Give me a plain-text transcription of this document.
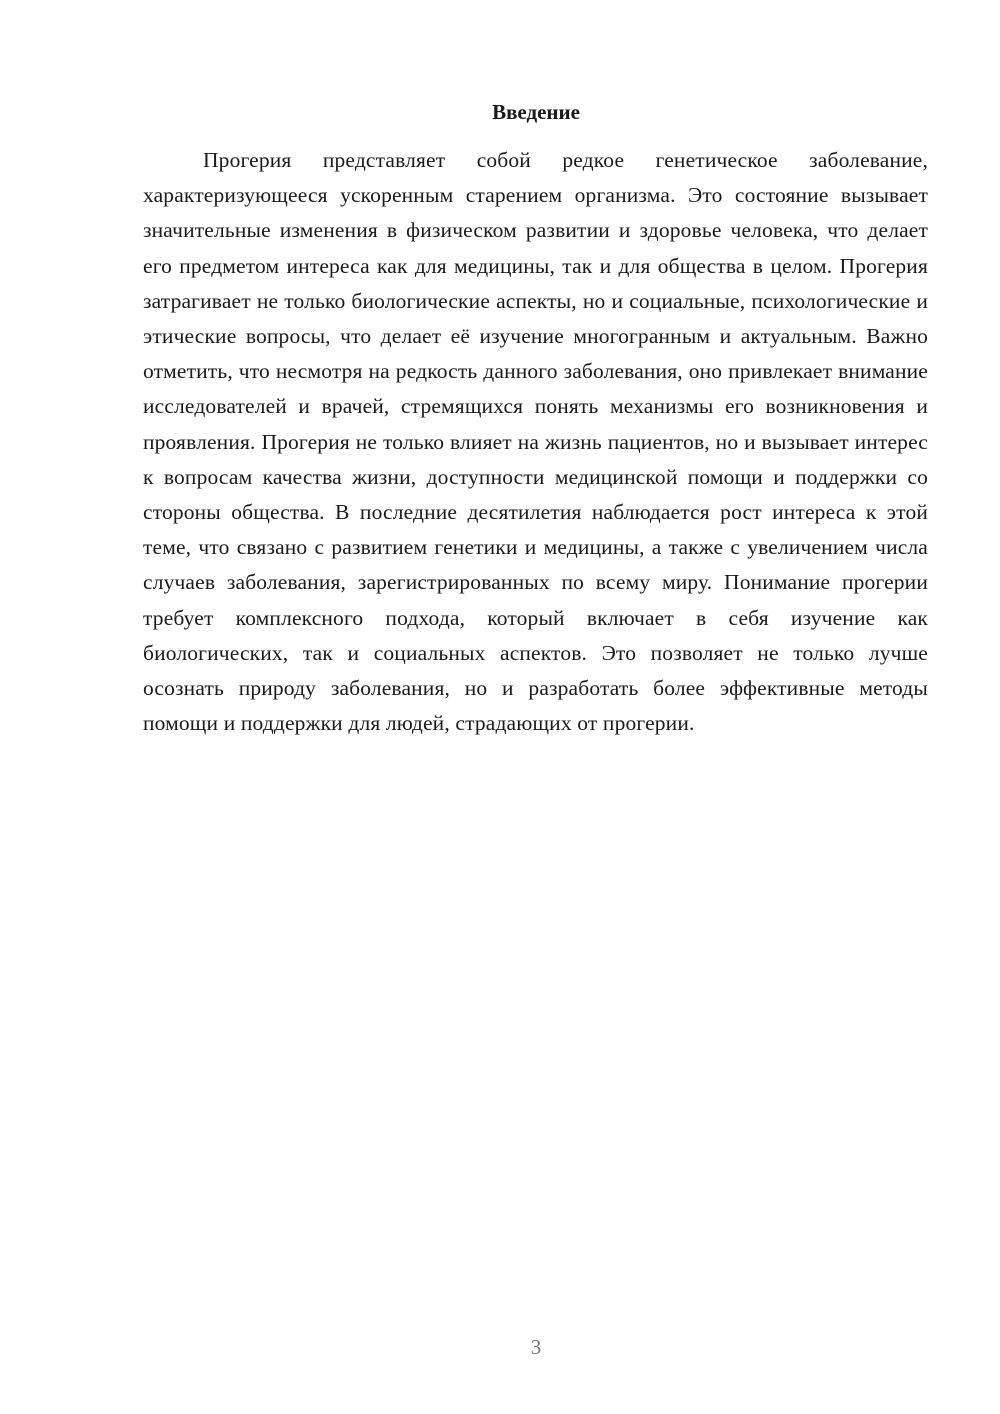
Введение

Прогерия представляет собой редкое генетическое заболевание, характеризующееся ускоренным старением организма. Это состояние вызывает значительные изменения в физическом развитии и здоровье человека, что делает его предметом интереса как для медицины, так и для общества в целом. Прогерия затрагивает не только биологические аспекты, но и социальные, психологические и этические вопросы, что делает её изучение многогранным и актуальным. Важно отметить, что несмотря на редкость данного заболевания, оно привлекает внимание исследователей и врачей, стремящихся понять механизмы его возникновения и проявления. Прогерия не только влияет на жизнь пациентов, но и вызывает интерес к вопросам качества жизни, доступности медицинской помощи и поддержки со стороны общества. В последние десятилетия наблюдается рост интереса к этой теме, что связано с развитием генетики и медицины, а также с увеличением числа случаев заболевания, зарегистрированных по всему миру. Понимание прогерии требует комплексного подхода, который включает в себя изучение как биологических, так и социальных аспектов. Это позволяет не только лучше осознать природу заболевания, но и разработать более эффективные методы помощи и поддержки для людей, страдающих от прогерии.

3
